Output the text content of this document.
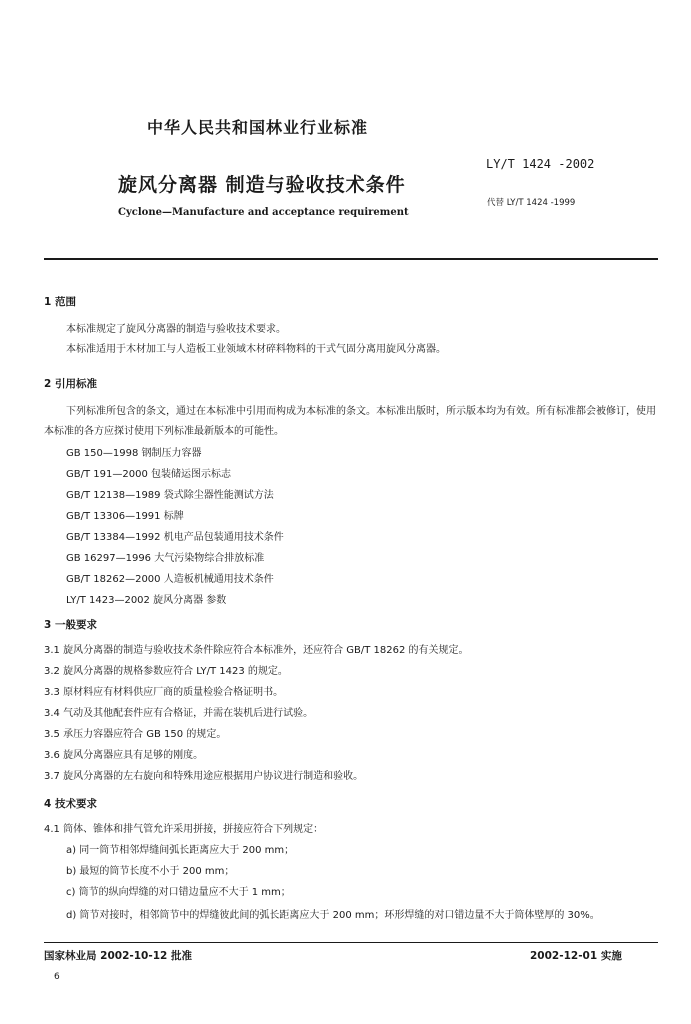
中华人民共和国林业行业标准
旋风分离器 制造与验收技术条件
Cyclone—Manufacture and acceptance requirement
LY/T 1424 -2002
代替 LY/T 1424 -1999
1 范围
本标准规定了旋风分离器的制造与验收技术要求。
本标准适用于木材加工与人造板工业领域木材碎料物料的干式气固分离用旋风分离器。
2 引用标准
下列标准所包含的条文，通过在本标准中引用而构成为本标准的条文。本标准出版时，所示版本均为有效。所有标准都会被修订，使用本标准的各方应探讨使用下列标准最新版本的可能性。
GB 150—1998 钢制压力容器
GB/T 191—2000 包装储运图示标志
GB/T 12138—1989 袋式除尘器性能测试方法
GB/T 13306—1991 标牌
GB/T 13384—1992 机电产品包装通用技术条件
GB 16297—1996 大气污染物综合排放标准
GB/T 18262—2000 人造板机械通用技术条件
LY/T 1423—2002 旋风分离器 参数
3 一般要求
3.1 旋风分离器的制造与验收技术条件除应符合本标准外，还应符合 GB/T 18262 的有关规定。
3.2 旋风分离器的规格参数应符合 LY/T 1423 的规定。
3.3 原材料应有材料供应厂商的质量检验合格证明书。
3.4 气动及其他配套件应有合格证，并需在装机后进行试验。
3.5 承压力容器应符合 GB 150 的规定。
3.6 旋风分离器应具有足够的刚度。
3.7 旋风分离器的左右旋向和特殊用途应根据用户协议进行制造和验收。
4 技术要求
4.1 筒体、锥体和排气管允许采用拼接，拼接应符合下列规定：
a) 同一筒节相邻焊缝间弧长距离应大于 200 mm；
b) 最短的筒节长度不小于 200 mm；
c) 筒节的纵向焊缝的对口错边量应不大于 1 mm；
d) 筒节对接时，相邻筒节中的焊缝彼此间的弧长距离应大于 200 mm；环形焊缝的对口错边量不大于筒体壁厚的 30%。
国家林业局 2002-10-12 批准	2002-12-01 实施
6
